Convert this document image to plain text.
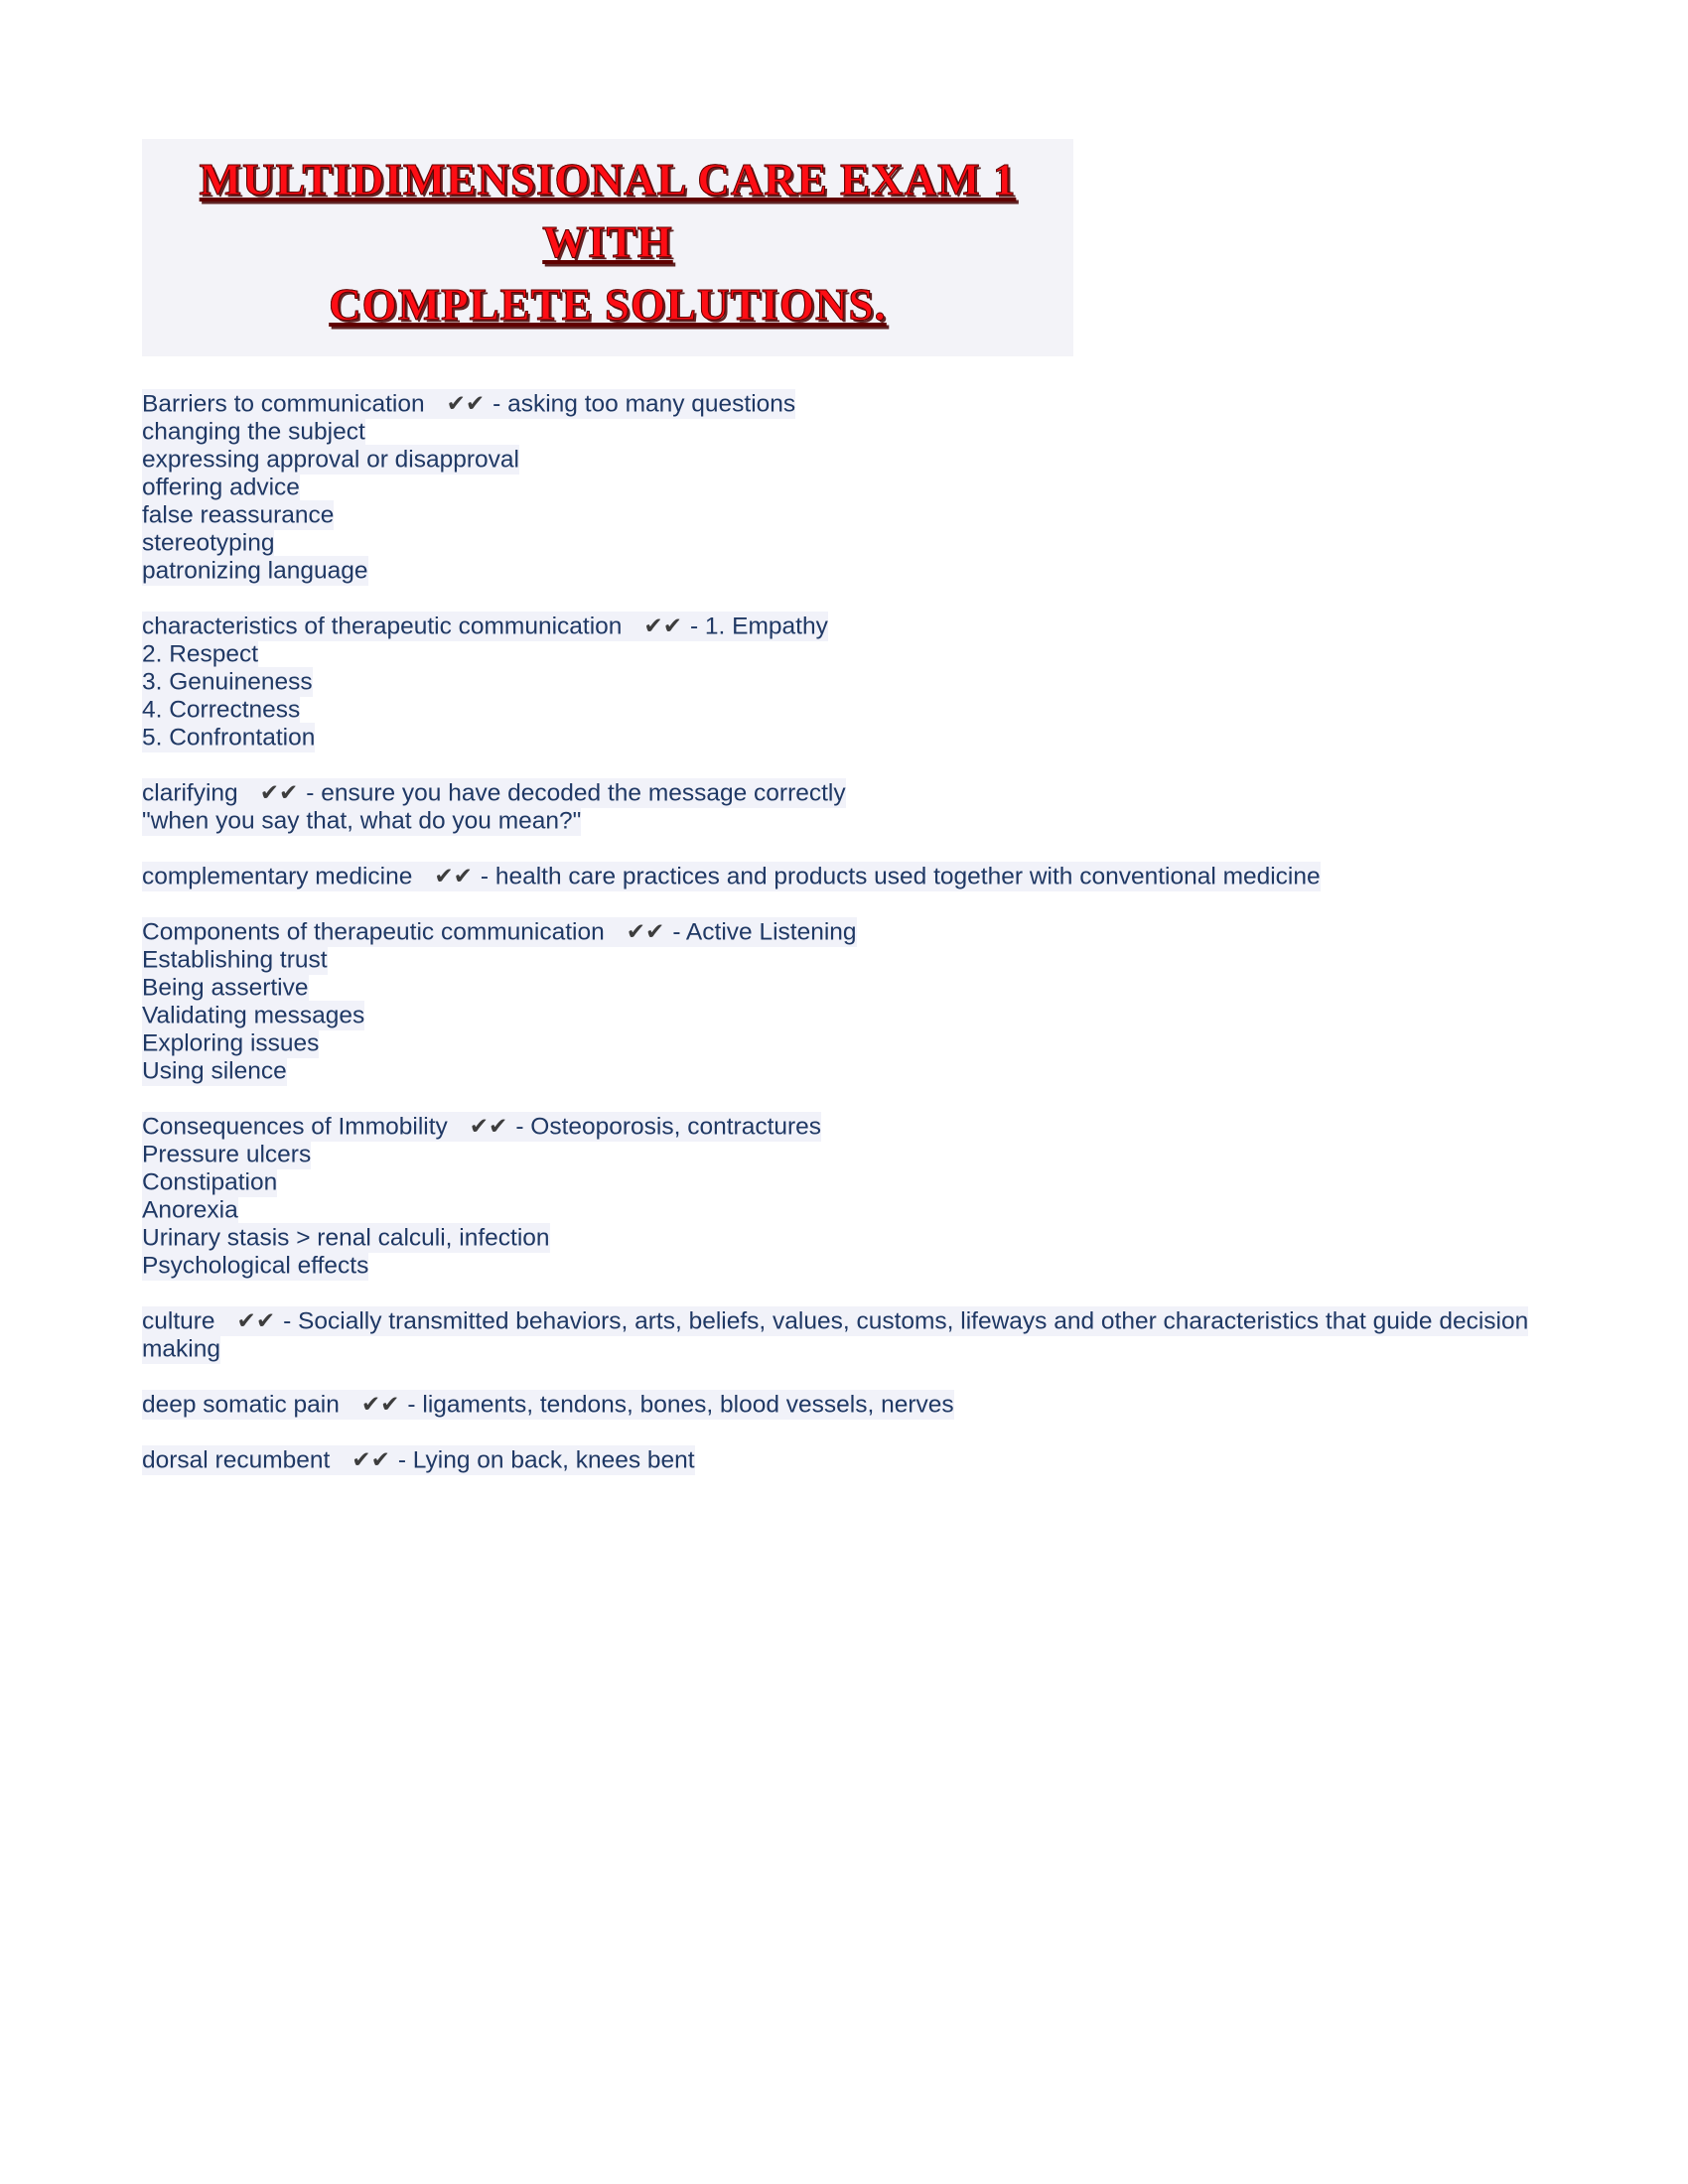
MULTIDIMENSIONAL CARE EXAM 1 WITH
COMPLETE SOLUTIONS.
Barriers to communication ✔✔ - asking too many questions
changing the subject
expressing approval or disapproval
offering advice
false reassurance
stereotyping
patronizing language
characteristics of therapeutic communication ✔✔ - 1. Empathy
2. Respect
3. Genuineness
4. Correctness
5. Confrontation
clarifying ✔✔ - ensure you have decoded the message correctly
"when you say that, what do you mean?"
complementary medicine ✔✔ - health care practices and products used together with conventional medicine
Components of therapeutic communication ✔✔ - Active Listening
Establishing trust
Being assertive
Validating messages
Exploring issues
Using silence
Consequences of Immobility ✔✔ - Osteoporosis, contractures
Pressure ulcers
Constipation
Anorexia
Urinary stasis > renal calculi, infection
Psychological effects
culture ✔✔ - Socially transmitted behaviors, arts, beliefs, values, customs, lifeways and other characteristics that guide decision making
deep somatic pain ✔✔ - ligaments, tendons, bones, blood vessels, nerves
dorsal recumbent ✔✔ - Lying on back, knees bent
